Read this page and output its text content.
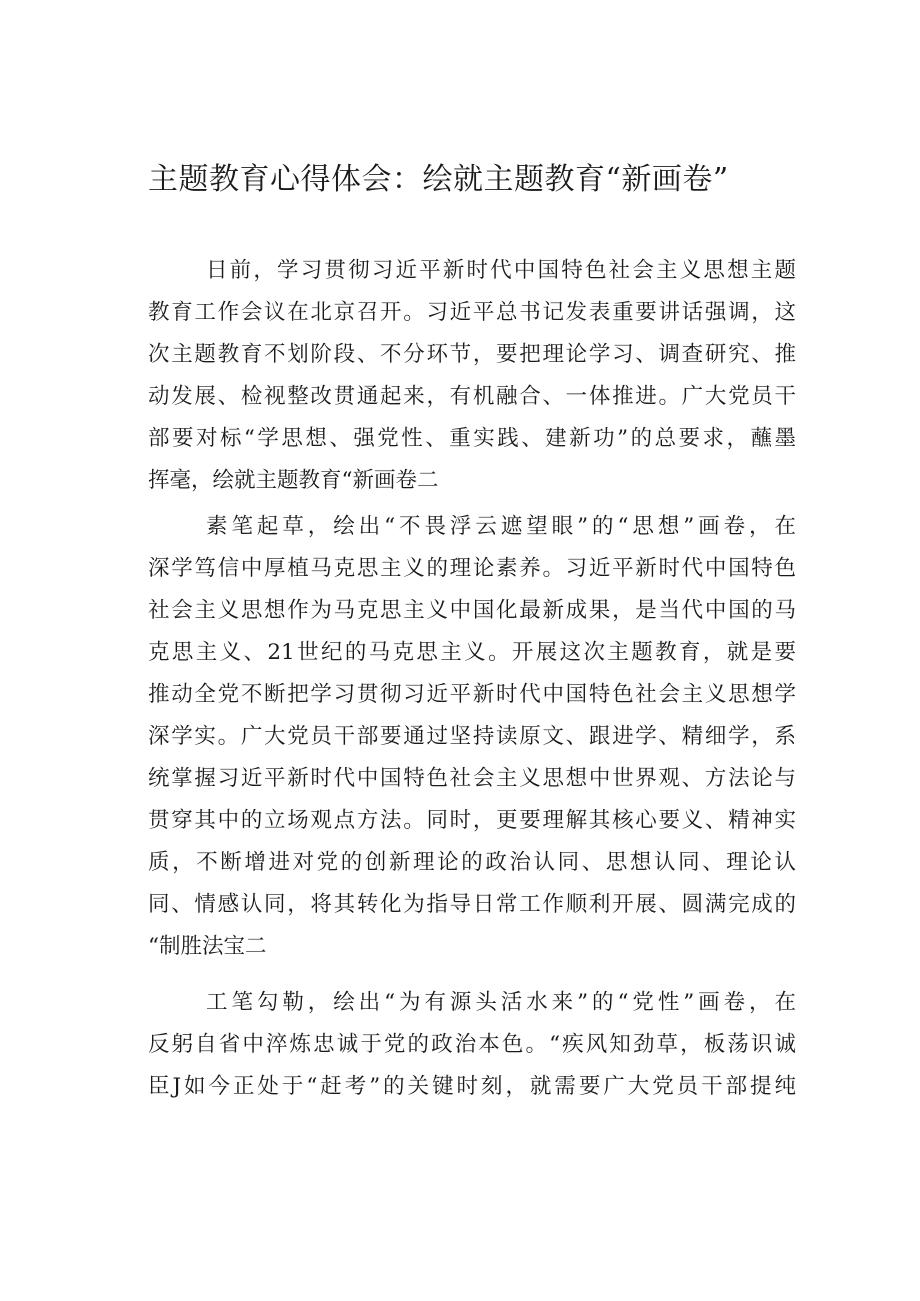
主题教育心得体会：绘就主题教育“新画卷”
日前，学习贯彻习近平新时代中国特色社会主义思想主题
教育工作会议在北京召开。习近平总书记发表重要讲话强调，这
次主题教育不划阶段、不分环节，要把理论学习、调查研究、推
动发展、检视整改贯通起来，有机融合、一体推进。广大党员干
部要对标“学思想、强党性、重实践、建新功”的总要求，蘸墨
挥毫，绘就主题教育“新画卷二
素笔起草，绘出“不畏浮云遮望眼”的“思想”画卷，在
深学笃信中厚植马克思主义的理论素养。习近平新时代中国特色
社会主义思想作为马克思主义中国化最新成果，是当代中国的马
克思主义、21世纪的马克思主义。开展这次主题教育，就是要
推动全党不断把学习贯彻习近平新时代中国特色社会主义思想学
深学实。广大党员干部要通过坚持读原文、跟进学、精细学，系
统掌握习近平新时代中国特色社会主义思想中世界观、方法论与
贯穿其中的立场观点方法。同时，更要理解其核心要义、精神实
质，不断增进对党的创新理论的政治认同、思想认同、理论认
同、情感认同，将其转化为指导日常工作顺利开展、圆满完成的
“制胜法宝二
工笔勾勒，绘出“为有源头活水来”的“党性”画卷，在
反躬自省中淬炼忠诚于党的政治本色。“疾风知劲草，板荡识诚
臣J如今正处于“赶考”的关键时刻，就需要广大党员干部提纯
